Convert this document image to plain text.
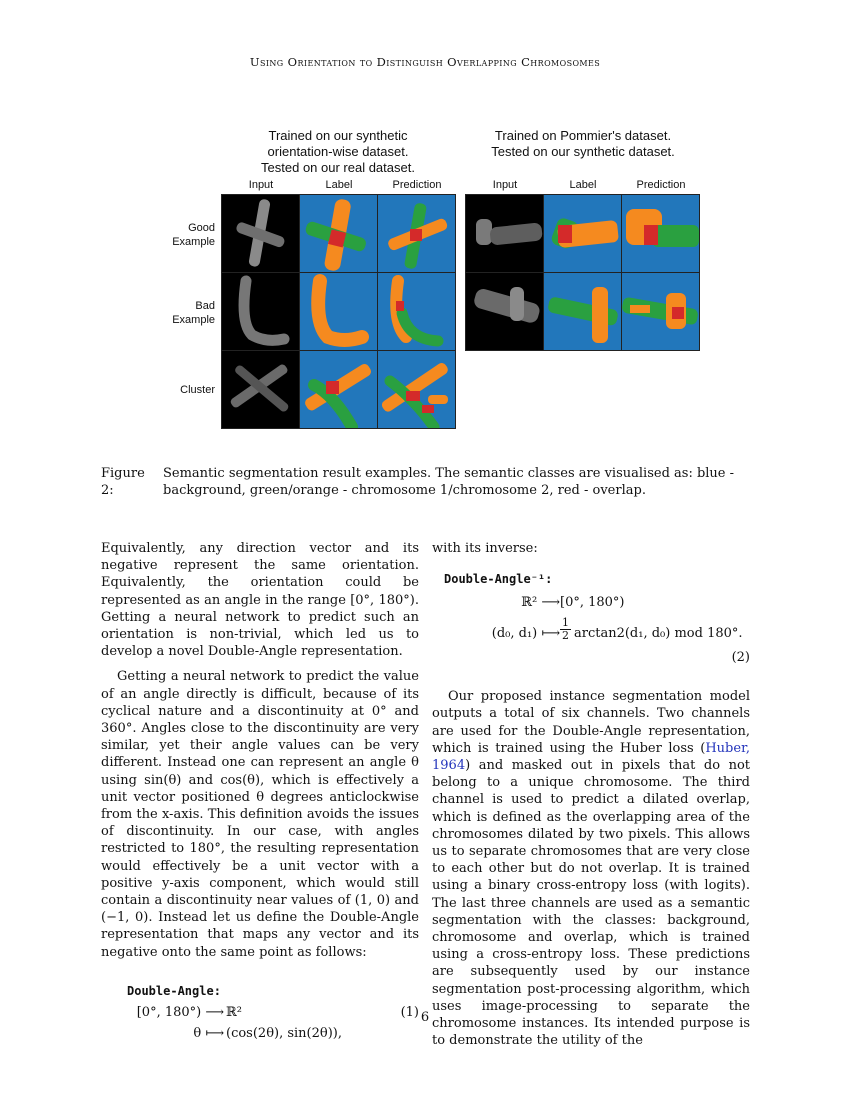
Using Orientation to Distinguish Overlapping Chromosomes
Trained on our synthetic
orientation-wise dataset.
Tested on our real dataset.
Trained on Pommier's dataset.
Tested on our synthetic dataset.
Input	Label	Prediction	Input	Label	Prediction
Good
Example
Bad
Example
Cluster
Figure 2:
Semantic segmentation result examples. The semantic classes are visualised as: blue - background, green/orange - chromosome 1/chromosome 2, red - overlap.

Equivalently, any direction vector and its negative represent the same orientation. Equivalently, the orientation could be represented as an angle in the range [0°, 180°). Getting a neural network to predict such an orientation is non-trivial, which led us to develop a novel Double-Angle representation.

Getting a neural network to predict the value of an angle directly is difficult, because of its cyclical nature and a discontinuity at 0° and 360°. Angles close to the discontinuity are very similar, yet their angle values can be very different. Instead one can represent an angle θ using sin(θ) and cos(θ), which is effectively a unit vector positioned θ degrees anticlockwise from the x-axis. This definition avoids the issues of discontinuity. In our case, with angles restricted to 180°, the resulting representation would effectively be a unit vector with a positive y-axis component, which would still contain a discontinuity near values of (1, 0) and (−1, 0). Instead let us define the Double-Angle representation that maps any vector and its negative onto the same point as follows:

Double-Angle:
[0°, 180°) ⟶ ℝ²	(1)
θ ⟼ (cos(2θ), sin(2θ)),

with its inverse:

Double-Angle⁻¹:
ℝ² ⟶ [0°, 180°)
(d₀, d₁) ⟼ $\frac{1}{2} \arctan 2(d_1$, d₀) mod 180°.
(2)

Our proposed instance segmentation model outputs a total of six channels. Two channels are used for the Double-Angle representation, which is trained using the Huber loss (Huber, 1964) and masked out in pixels that do not belong to a unique chromosome. The third channel is used to predict a dilated overlap, which is defined as the overlapping area of the chromosomes dilated by two pixels. This allows us to separate chromosomes that are very close to each other but do not overlap. It is trained using a binary cross-entropy loss (with logits). The last three channels are used as a semantic segmentation with the classes: background, chromosome and overlap, which is trained using a cross-entropy loss. These predictions are subsequently used by our instance segmentation post-processing algorithm, which uses image-processing to separate the chromosome instances. Its intended purpose is to demonstrate the utility of the

6
